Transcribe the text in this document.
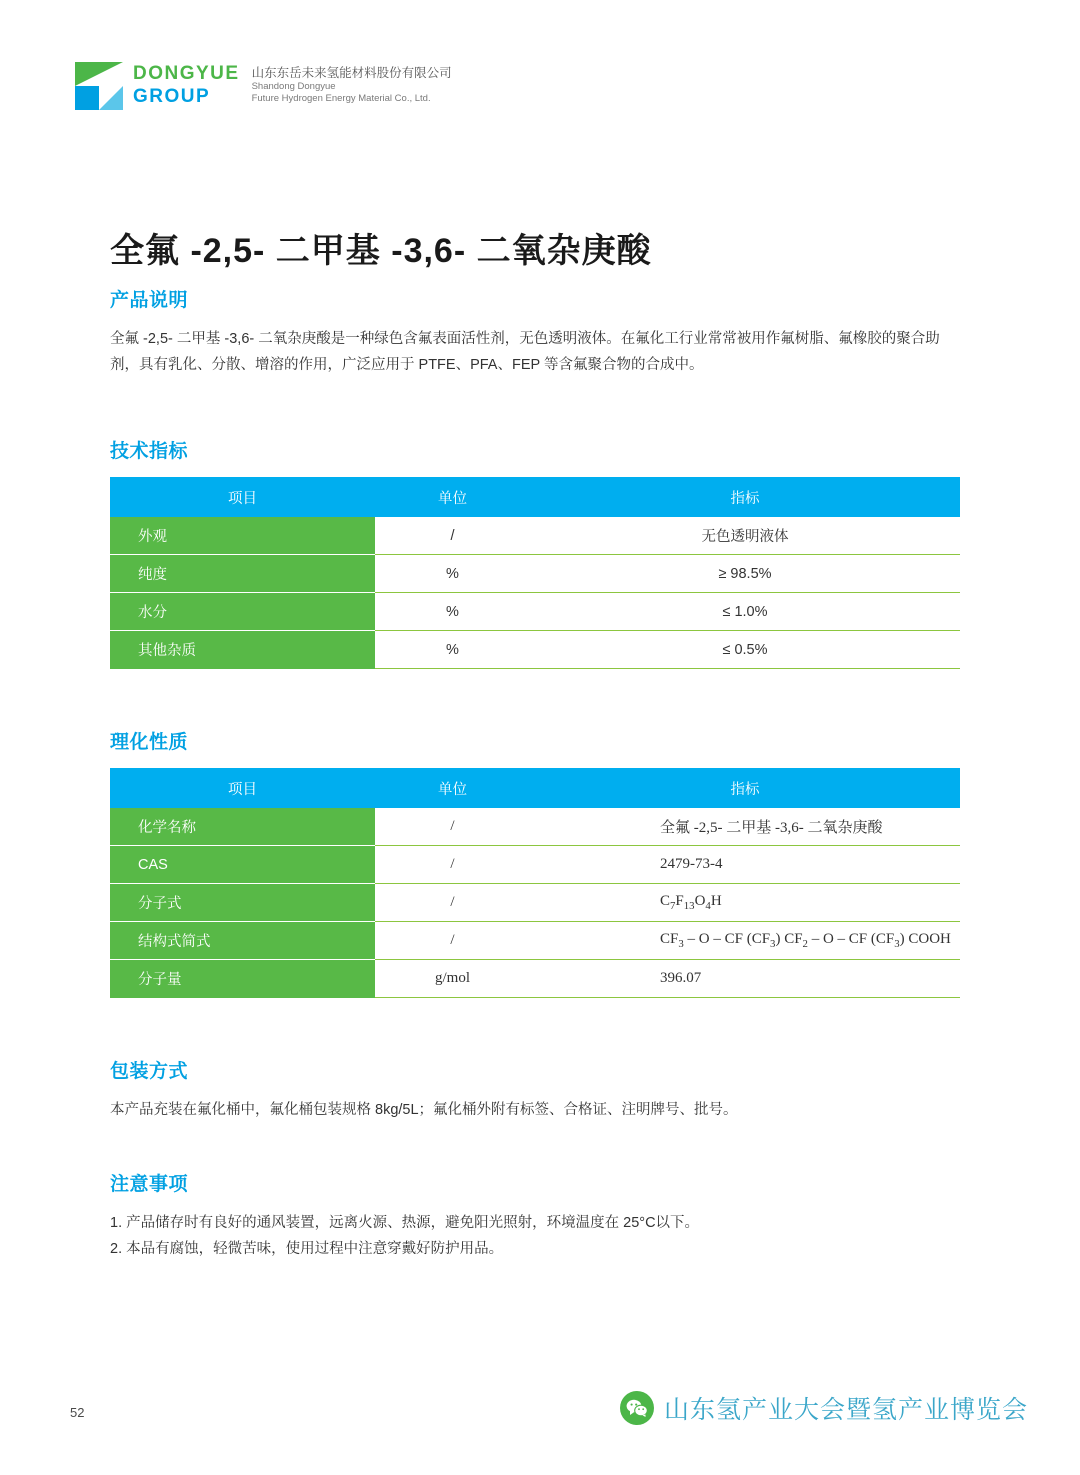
DONGYUE
GROUP
山东东岳未来氢能材料股份有限公司
Shandong Dongyue
Future Hydrogen Energy Material Co., Ltd.
全氟 -2,5- 二甲基 -3,6- 二氧杂庚酸
产品说明

全氟 -2,5- 二甲基 -3,6- 二氧杂庚酸是一种绿色含氟表面活性剂，无色透明液体。在氟化工行业常常被用作氟树脂、氟橡胶的聚合助剂，具有乳化、分散、增溶的作用，广泛应用于 PTFE、PFA、FEP 等含氟聚合物的合成中。

技术指标
项目	单位	指标
外观	/	无色透明液体
纯度	%	≥ 98.5%
水分	%	≤ 1.0%
其他杂质	%	≤ 0.5%
理化性质
项目	单位	指标
化学名称	/	全氟 -2,5- 二甲基 -3,6- 二氧杂庚酸
CAS	/	2479-73-4
分子式	/	$C_7F_{13}O_4H$
结构式简式	/	$CF_3$ – O – CF $(CF_3)$ $CF_2$ – O – CF $(CF_3)$ COOH
分子量	g/mol	396.07
包装方式

本产品充装在氟化桶中，氟化桶包装规格 8kg/5L；氟化桶外附有标签、合格证、注明牌号、批号。

注意事项

1. 产品储存时有良好的通风装置，远离火源、热源，避免阳光照射，环境温度在 25°C以下。

2. 本品有腐蚀，轻微苦味，使用过程中注意穿戴好防护用品。

52	山东氢产业大会暨氢产业博览会
